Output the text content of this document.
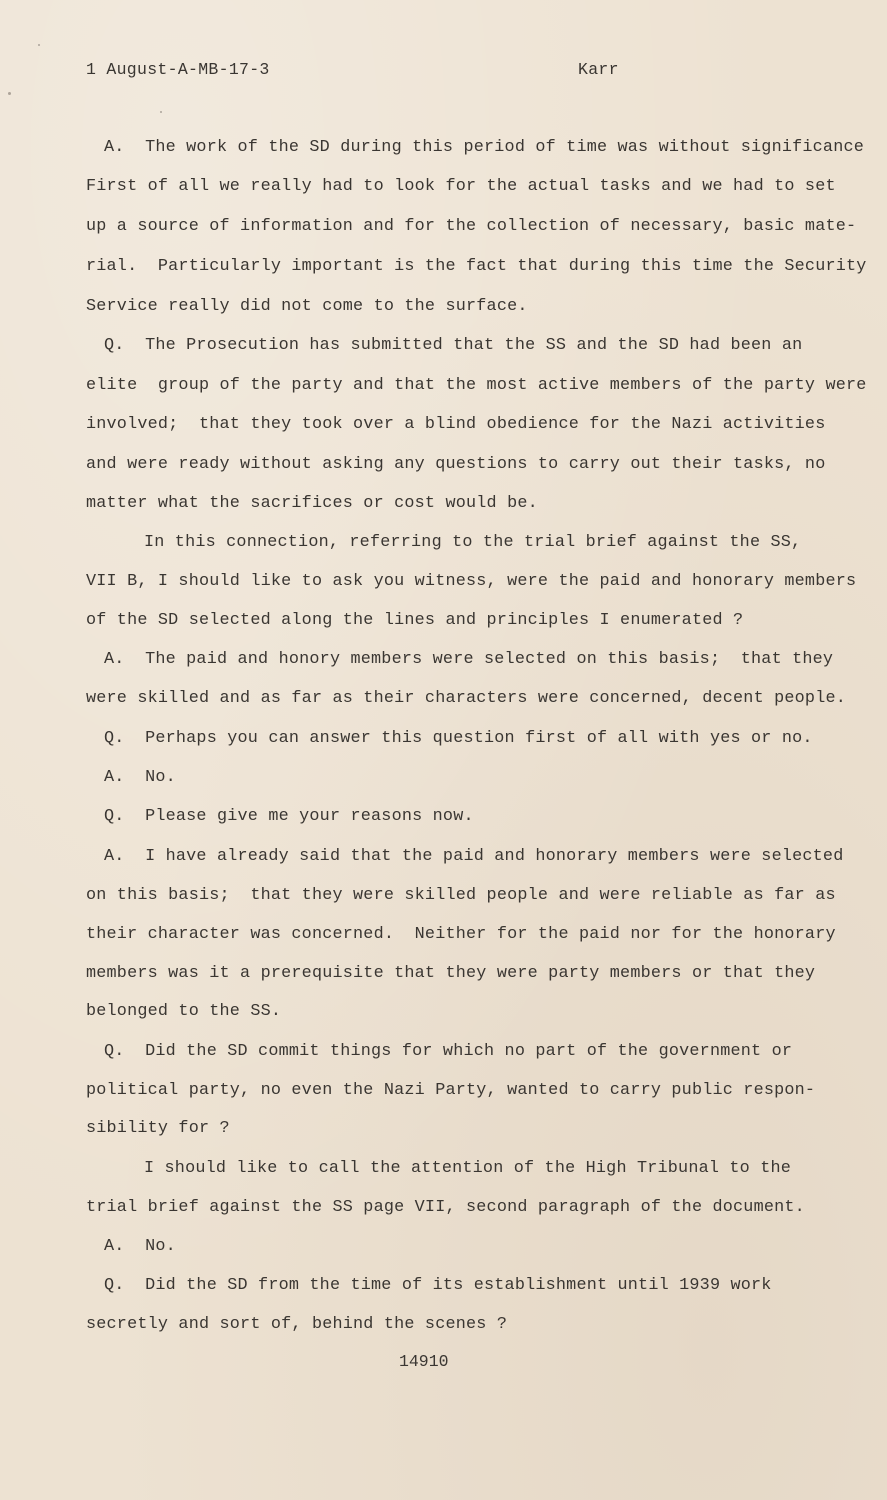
1 August-A-MB-17-3	Karr
A.  The work of the SD during this period of time was without significance
First of all we really had to look for the actual tasks and we had to set
up a source of information and for the collection of necessary, basic mate-
rial.  Particularly important is the fact that during this time the Security
Service really did not come to the surface.
Q.  The Prosecution has submitted that the SS and the SD had been an
elite  group of the party and that the most active members of the party were
involved;  that they took over a blind obedience for the Nazi activities
and were ready without asking any questions to carry out their tasks, no
matter what the sacrifices or cost would be.
In this connection, referring to the trial brief against the SS,
VII B, I should like to ask you witness, were the paid and honorary members
of the SD selected along the lines and principles I enumerated ?
A.  The paid and honory members were selected on this basis;  that they
were skilled and as far as their characters were concerned, decent people.
Q.  Perhaps you can answer this question first of all with yes or no.
A.  No.
Q.  Please give me your reasons now.
A.  I have already said that the paid and honorary members were selected
on this basis;  that they were skilled people and were reliable as far as
their character was concerned.  Neither for the paid nor for the honorary
members was it a prerequisite that they were party members or that they
belonged to the SS.
Q.  Did the SD commit things for which no part of the government or
political party, no even the Nazi Party, wanted to carry public respon-
sibility for ?
I should like to call the attention of the High Tribunal to the
trial brief against the SS page VII, second paragraph of the document.
A.  No.
Q.  Did the SD from the time of its establishment until 1939 work
secretly and sort of, behind the scenes ?
14910
